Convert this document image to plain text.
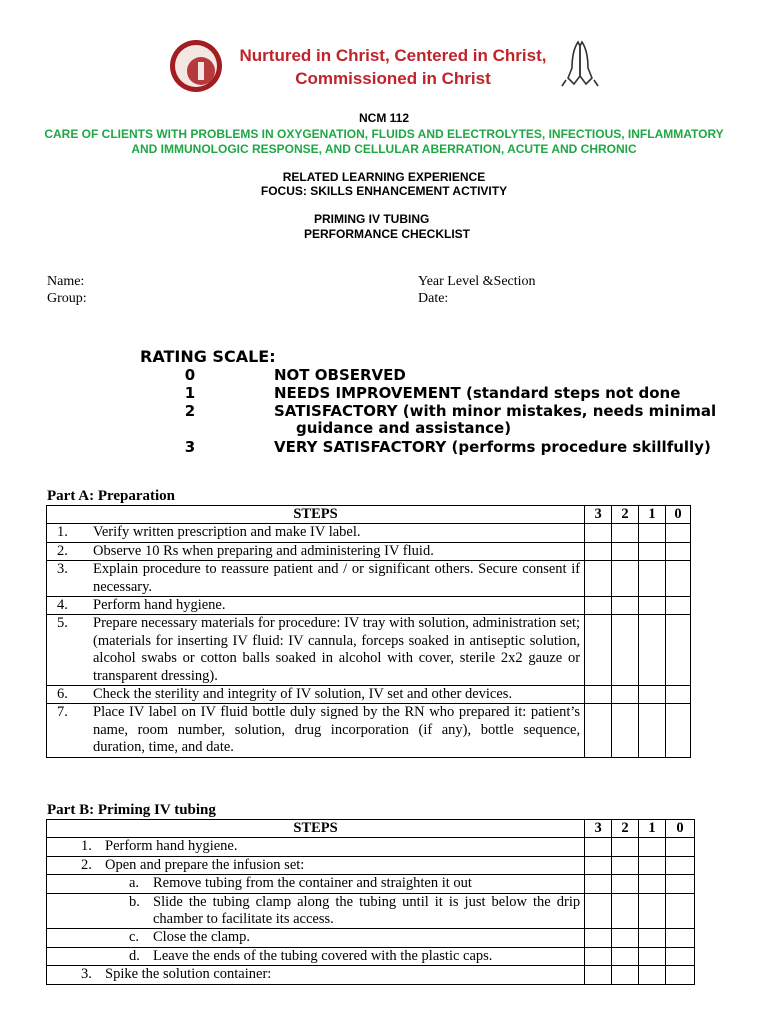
Nurtured in Christ, Centered in Christ,
Commissioned in Christ
NCM 112
CARE OF CLIENTS WITH PROBLEMS IN OXYGENATION, FLUIDS AND ELECTROLYTES, INFECTIOUS, INFLAMMATORY
AND IMMUNOLOGIC RESPONSE, AND CELLULAR ABERRATION, ACUTE AND CHRONIC
RELATED LEARNING EXPERIENCE
FOCUS: SKILLS ENHANCEMENT ACTIVITY
PRIMING IV TUBING
PERFORMANCE CHECKLIST
Name:
Group:
Year Level &Section
Date:
RATING SCALE:
0	NOT OBSERVED
1	NEEDS IMPROVEMENT (standard steps not done
2	SATISFACTORY (with minor mistakes, needs minimal
guidance and assistance)
3	VERY SATISFACTORY (performs procedure skillfully)
Part A: Preparation
STEPS	3	2	1	0

1. Verify written prescription and make IV label.				

2. Observe 10 Rs when preparing and administering IV fluid.				

3. Explain procedure to reassure patient and / or significant others. Secure consent if necessary.				

4. Perform hand hygiene.				

5. Prepare necessary materials for procedure: IV tray with solution, administration set; (materials for inserting IV fluid: IV cannula, forceps soaked in antiseptic solution, alcohol swabs or cotton balls soaked in alcohol with cover, sterile 2x2 gauze or transparent dressing).				

6. Check the sterility and integrity of IV solution, IV set and other devices.				

7. Place IV label on IV fluid bottle duly signed by the RN who prepared it: patient’s name, room number, solution, drug incorporation (if any), bottle sequence, duration, time, and date.				

Part B: Priming IV tubing
STEPS	3	2	1	0

1. Perform hand hygiene.				

2. Open and prepare the infusion set:				

a. Remove tubing from the container and straighten it out				

b. Slide the tubing clamp along the tubing until it is just below the drip chamber to facilitate its access.				

c. Close the clamp.				

d. Leave the ends of the tubing covered with the plastic caps.				

3. Spike the solution container:				
